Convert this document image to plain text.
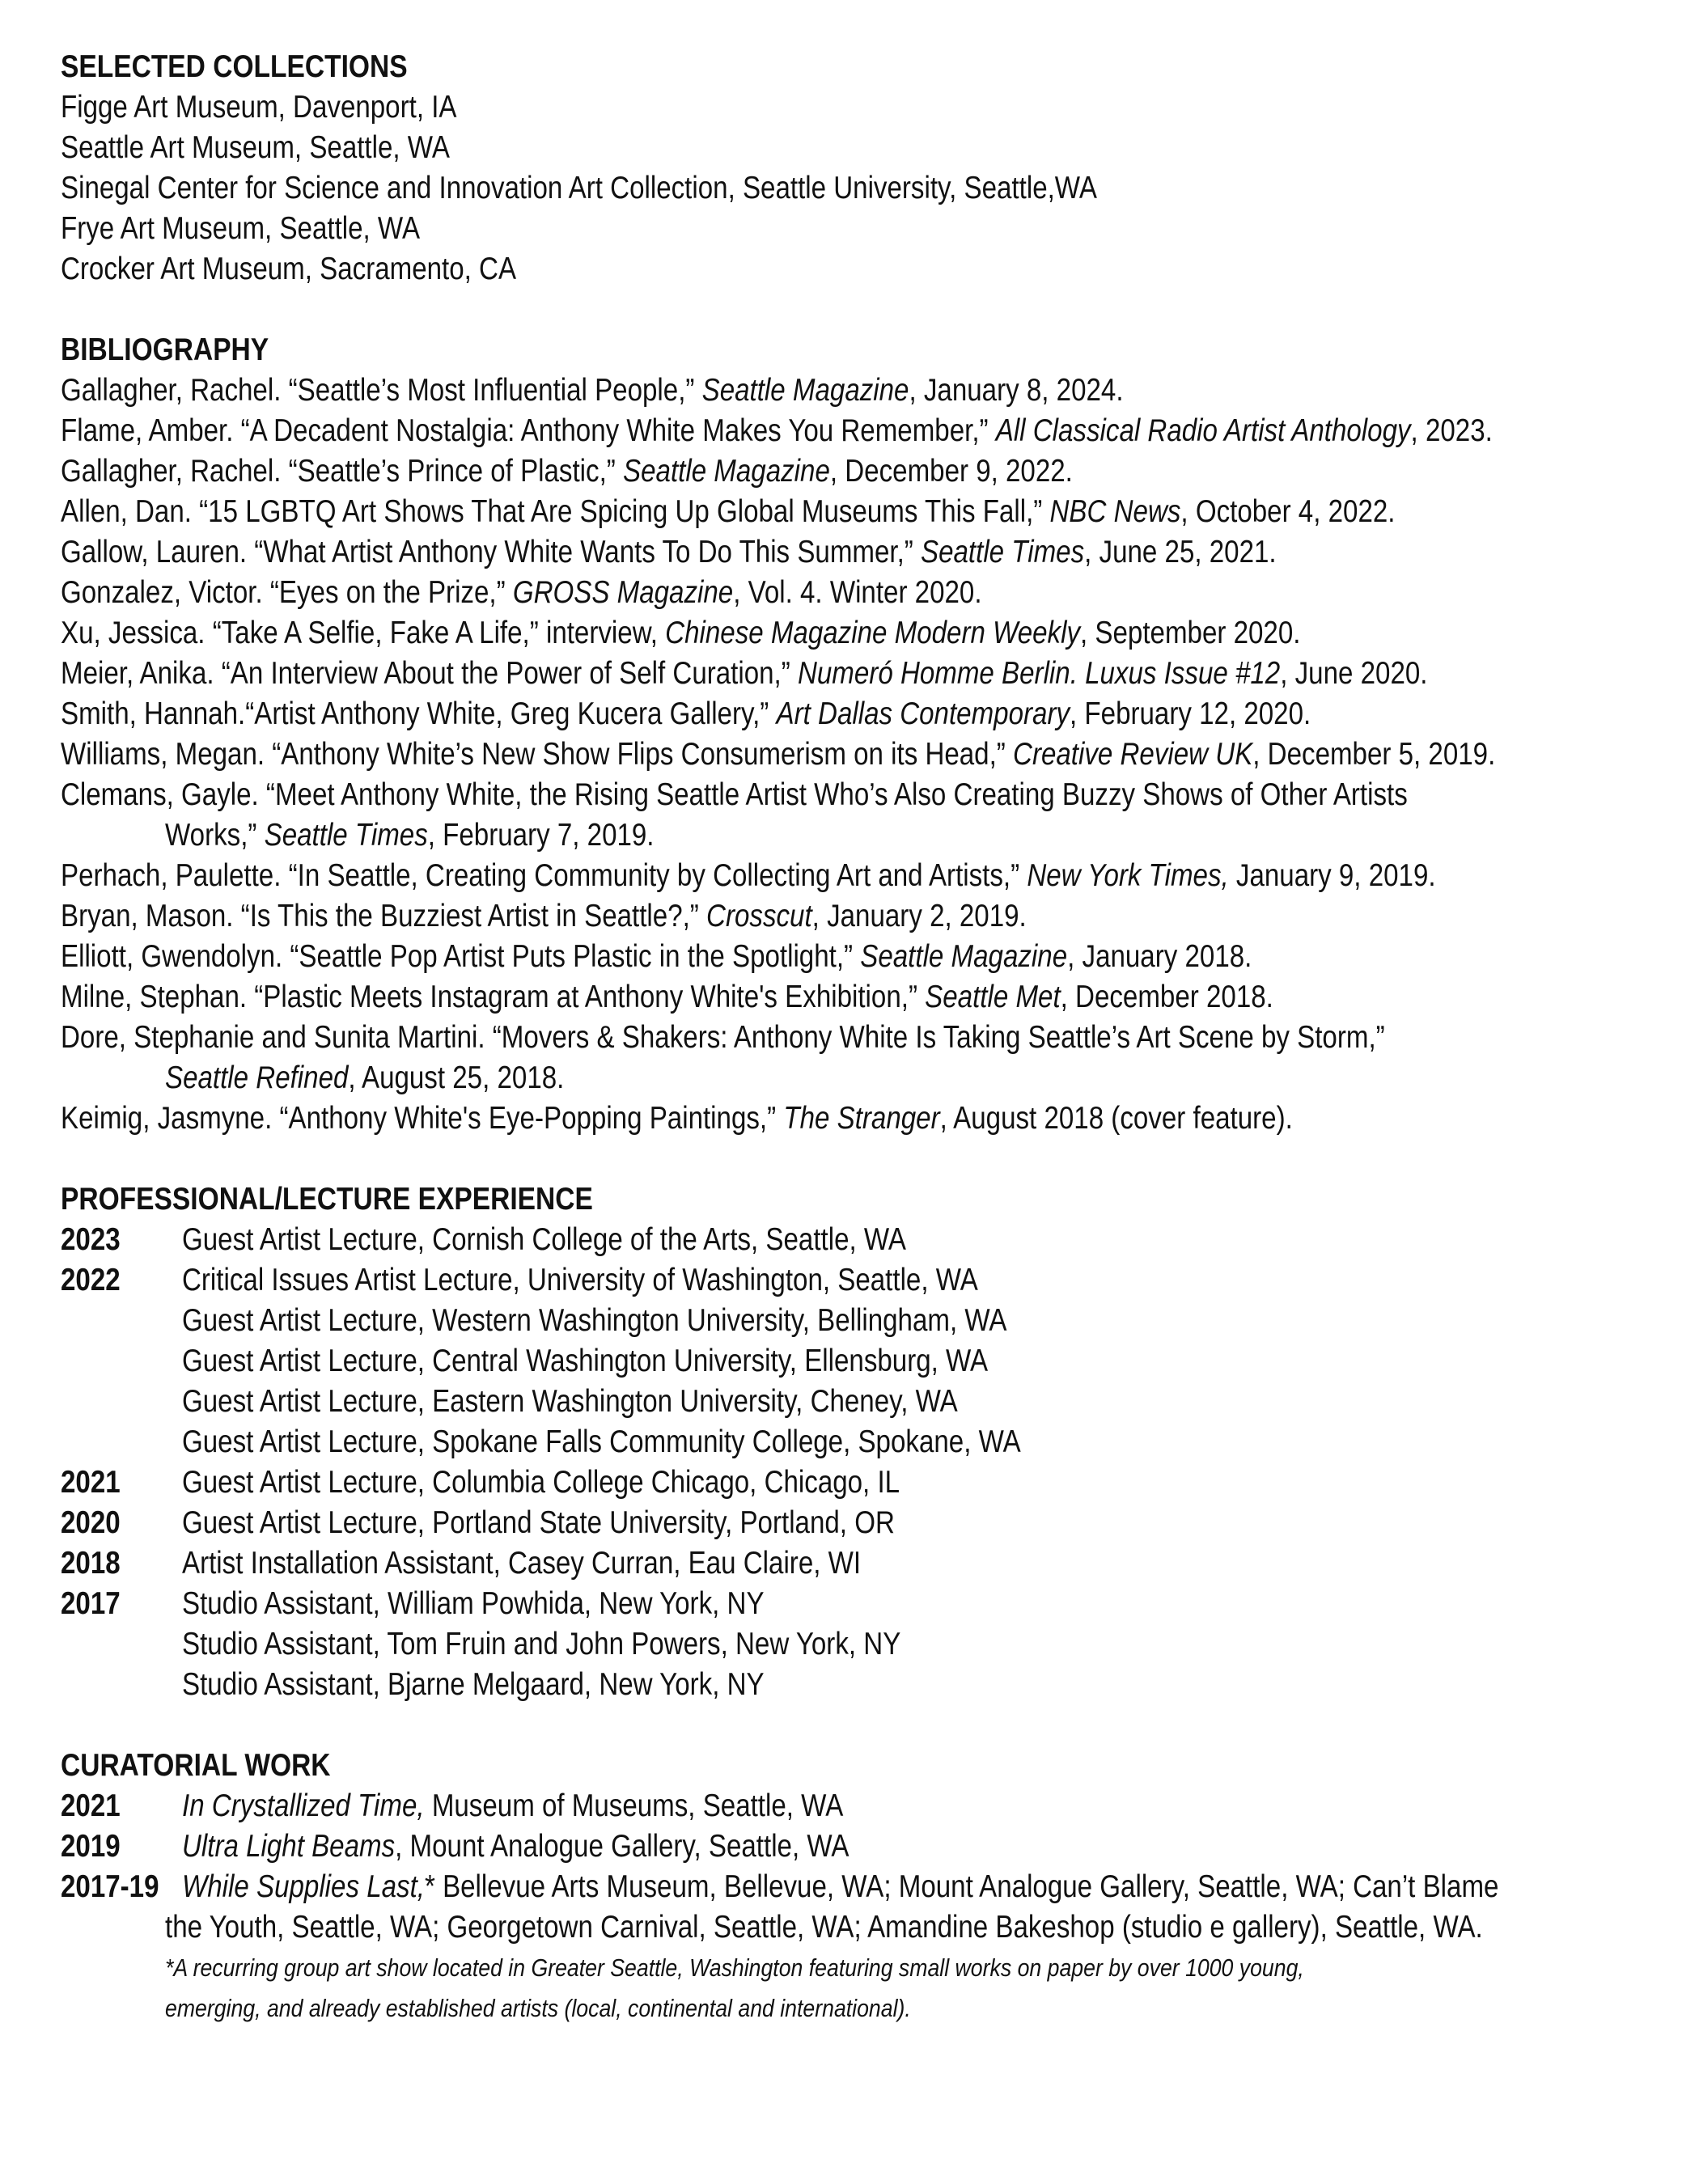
SELECTED COLLECTIONS
Figge Art Museum, Davenport, IA
Seattle Art Museum, Seattle, WA
Sinegal Center for Science and Innovation Art Collection, Seattle University, Seattle,WA
Frye Art Museum, Seattle, WA
Crocker Art Museum, Sacramento, CA
BIBLIOGRAPHY
Gallagher, Rachel. “Seattle’s Most Influential People,” Seattle Magazine, January 8, 2024.
Flame, Amber. “A Decadent Nostalgia: Anthony White Makes You Remember,” All Classical Radio Artist Anthology, 2023.
Gallagher, Rachel. “Seattle’s Prince of Plastic,” Seattle Magazine, December 9, 2022.
Allen, Dan. “15 LGBTQ Art Shows That Are Spicing Up Global Museums This Fall,” NBC News, October 4, 2022.
Gallow, Lauren. “What Artist Anthony White Wants To Do This Summer,” Seattle Times, June 25, 2021.
Gonzalez, Victor. “Eyes on the Prize,” GROSS Magazine, Vol. 4. Winter 2020.
Xu, Jessica. “Take A Selfie, Fake A Life,” interview, Chinese Magazine Modern Weekly, September 2020.
Meier, Anika. “An Interview About the Power of Self Curation,” Numeró Homme Berlin. Luxus Issue #12, June 2020.
Smith, Hannah.“Artist Anthony White, Greg Kucera Gallery,” Art Dallas Contemporary, February 12, 2020.
Williams, Megan. “Anthony White’s New Show Flips Consumerism on its Head,” Creative Review UK, December 5, 2019.
Clemans, Gayle. “Meet Anthony White, the Rising Seattle Artist Who’s Also Creating Buzzy Shows of Other Artists
Works,” Seattle Times, February 7, 2019.
Perhach, Paulette. “In Seattle, Creating Community by Collecting Art and Artists,” New York Times, January 9, 2019.
Bryan, Mason. “Is This the Buzziest Artist in Seattle?,” Crosscut, January 2, 2019.
Elliott, Gwendolyn. “Seattle Pop Artist Puts Plastic in the Spotlight,” Seattle Magazine, January 2018.
Milne, Stephan. “Plastic Meets Instagram at Anthony White's Exhibition,” Seattle Met, December 2018.
Dore, Stephanie and Sunita Martini. “Movers & Shakers: Anthony White Is Taking Seattle’s Art Scene by Storm,”
Seattle Refined, August 25, 2018.
Keimig, Jasmyne. “Anthony White's Eye-Popping Paintings,” The Stranger, August 2018 (cover feature).
PROFESSIONAL/LECTURE EXPERIENCE
2023	Guest Artist Lecture, Cornish College of the Arts, Seattle, WA
2022	Critical Issues Artist Lecture, University of Washington, Seattle, WA
Guest Artist Lecture, Western Washington University, Bellingham, WA
Guest Artist Lecture, Central Washington University, Ellensburg, WA
Guest Artist Lecture, Eastern Washington University, Cheney, WA
Guest Artist Lecture, Spokane Falls Community College, Spokane, WA
2021	Guest Artist Lecture, Columbia College Chicago, Chicago, IL
2020	Guest Artist Lecture, Portland State University, Portland, OR
2018	Artist Installation Assistant, Casey Curran, Eau Claire, WI
2017	Studio Assistant, William Powhida, New York, NY
Studio Assistant, Tom Fruin and John Powers, New York, NY
Studio Assistant, Bjarne Melgaard, New York, NY
CURATORIAL WORK
2021	In Crystallized Time, Museum of Museums, Seattle, WA
2019	Ultra Light Beams, Mount Analogue Gallery, Seattle, WA
2017-19 While Supplies Last,* Bellevue Arts Museum, Bellevue, WA; Mount Analogue Gallery, Seattle, WA; Can’t Blame
the Youth, Seattle, WA; Georgetown Carnival, Seattle, WA; Amandine Bakeshop (studio e gallery), Seattle, WA.
*A recurring group art show located in Greater Seattle, Washington featuring small works on paper by over 1000 young,
emerging, and already established artists (local, continental and international).
